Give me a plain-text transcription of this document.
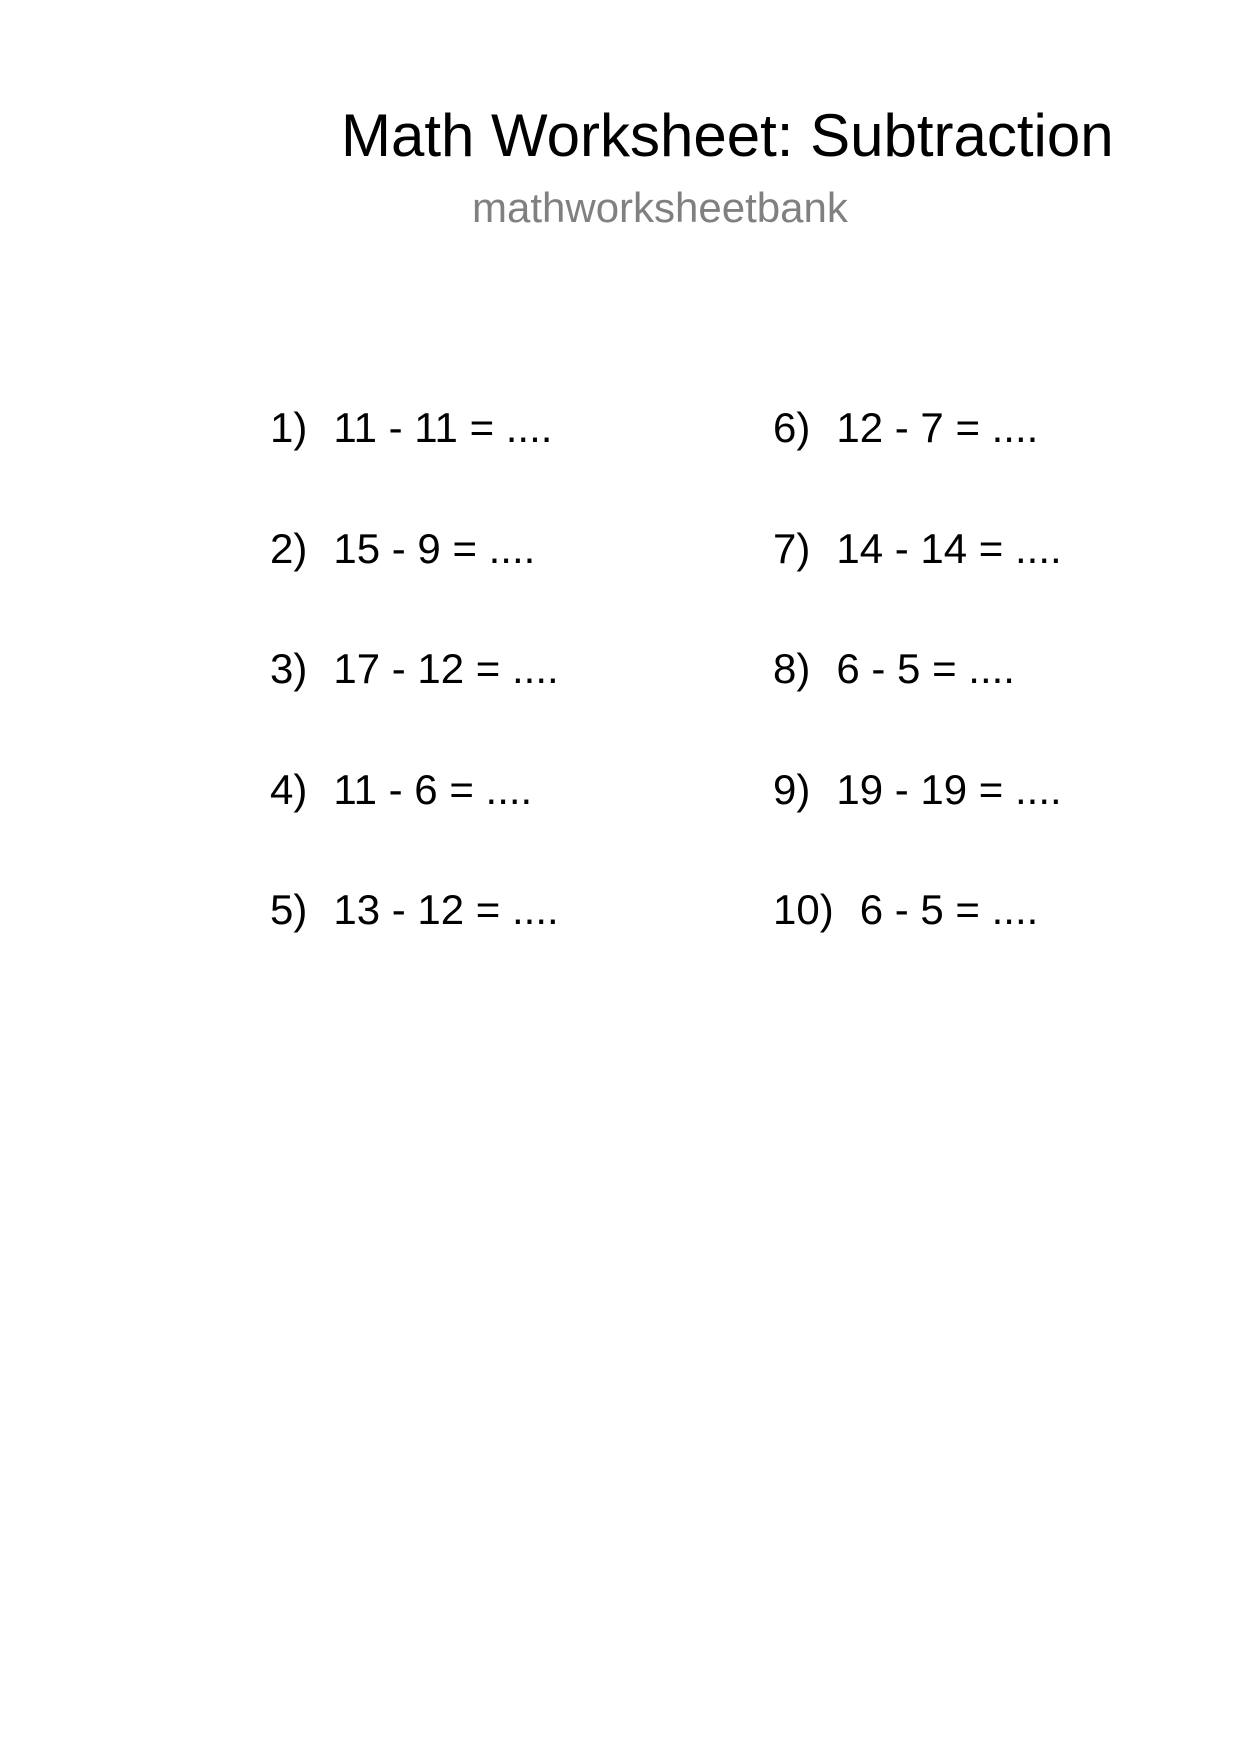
Math Worksheet: Subtraction
mathworksheetbank

1) 11 - 11 = ....

2) 15 - 9 = ....

3) 17 - 12 = ....

4) 11 - 6 = ....

5) 13 - 12 = ....

6) 12 - 7 = ....

7) 14 - 14 = ....

8) 6 - 5 = ....

9) 19 - 19 = ....

10) 6 - 5 = ....
